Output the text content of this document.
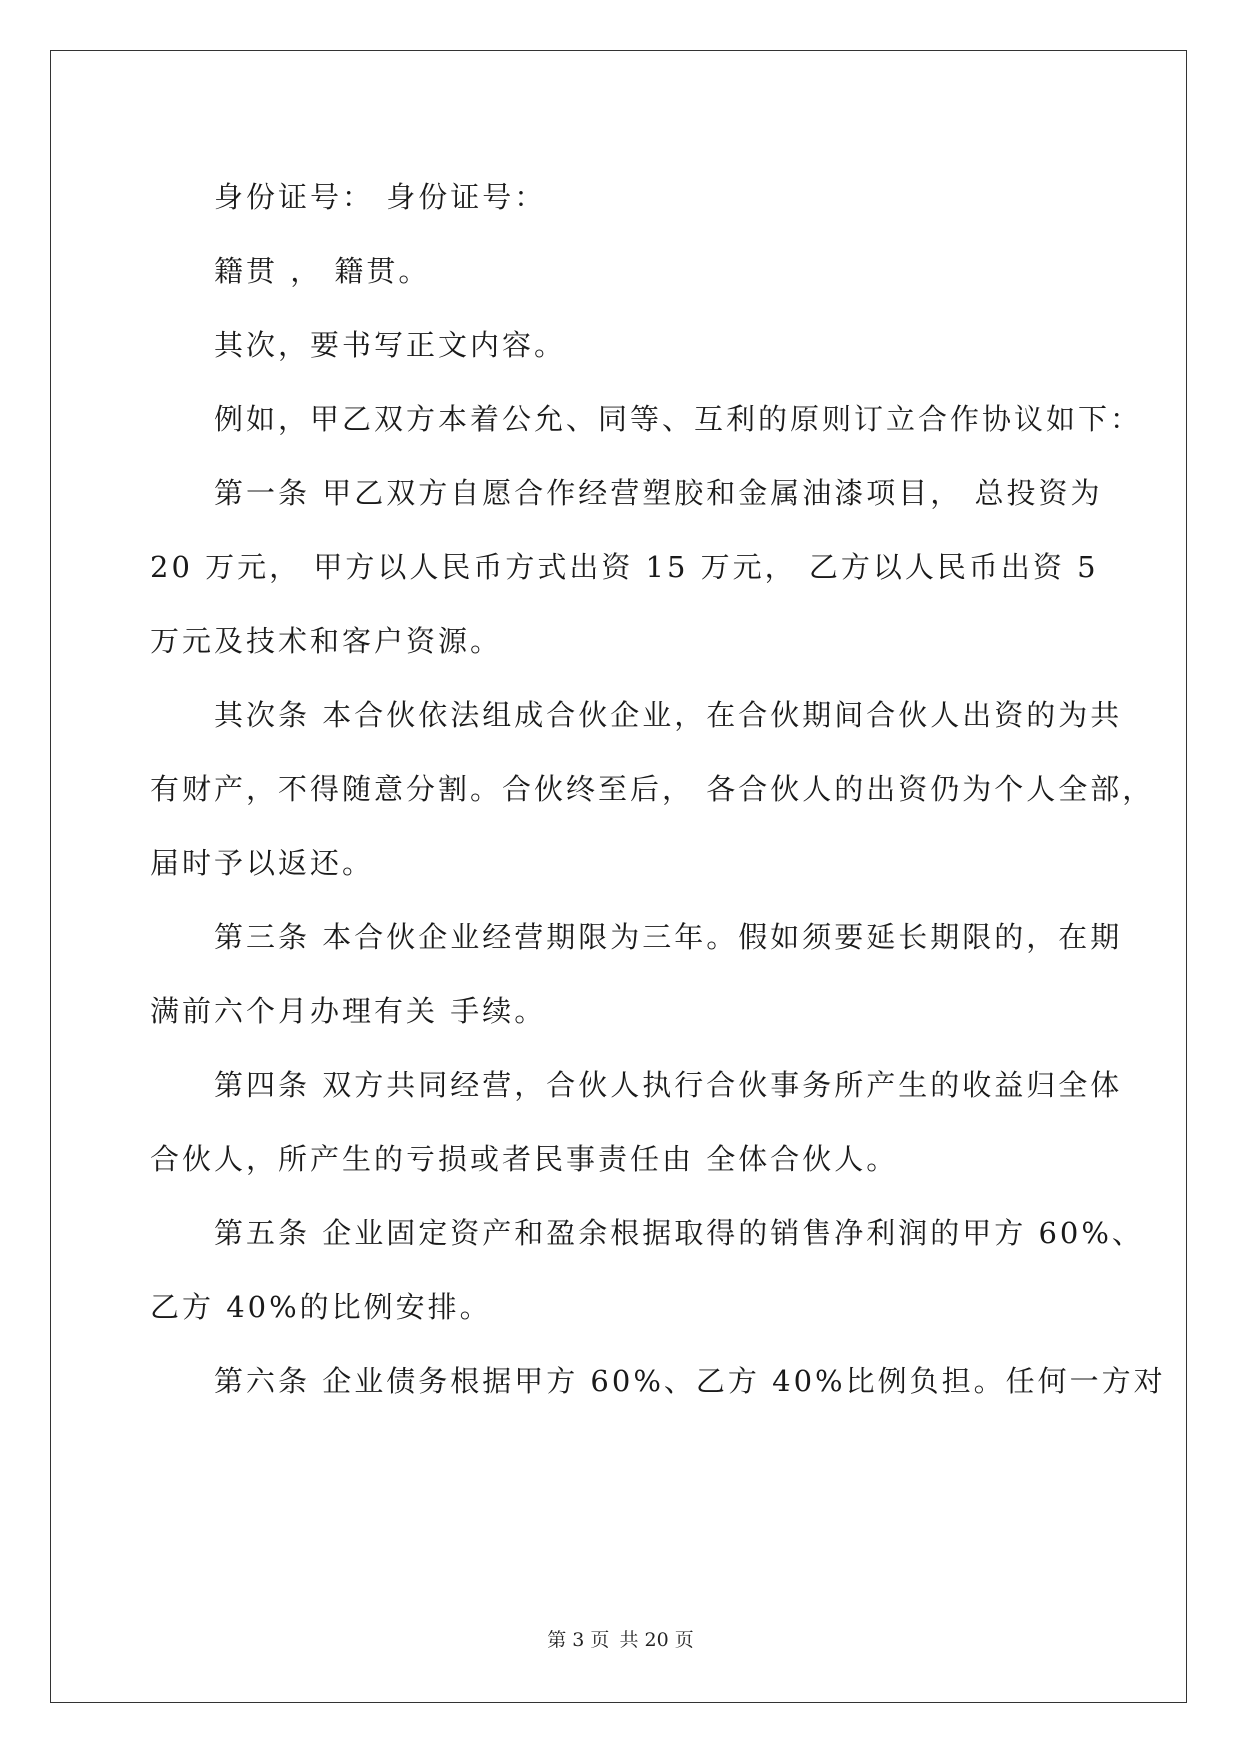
身份证号： 身份证号：
籍贯 ， 籍贯。
其次，要书写正文内容。
例如，甲乙双方本着公允、同等、互利的原则订立合作协议如下：
第一条 甲乙双方自愿合作经营塑胶和金属油漆项目， 总投资为
20 万元， 甲方以人民币方式出资 15 万元， 乙方以人民币出资 5
万元及技术和客户资源。
其次条 本合伙依法组成合伙企业，在合伙期间合伙人出资的为共
有财产，不得随意分割。合伙终至后， 各合伙人的出资仍为个人全部，
届时予以返还。
第三条 本合伙企业经营期限为三年。假如须要延长期限的，在期
满前六个月办理有关 手续。
第四条 双方共同经营，合伙人执行合伙事务所产生的收益归全体
合伙人，所产生的亏损或者民事责任由 全体合伙人。
第五条 企业固定资产和盈余根据取得的销售净利润的甲方 60%、
乙方 40%的比例安排。
第六条 企业债务根据甲方 60%、乙方 40%比例负担。任何一方对
第 3 页 共 20 页
